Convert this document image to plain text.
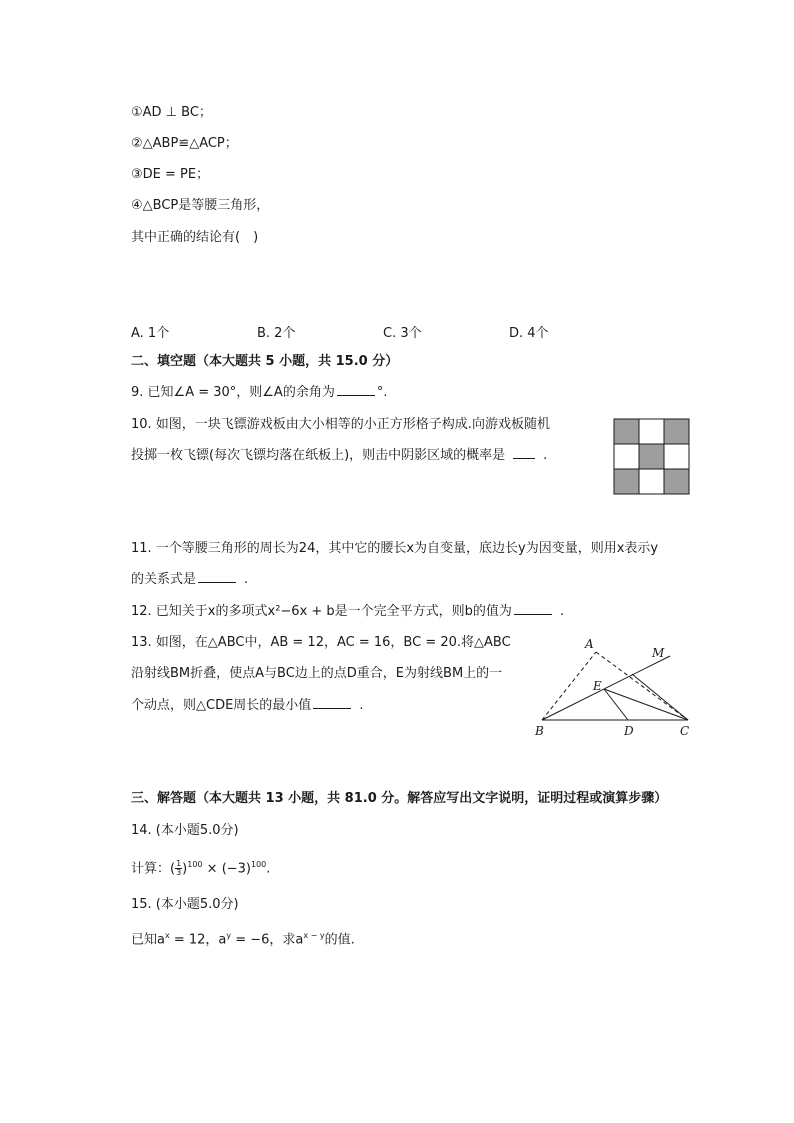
①AD ⊥ BC；
②△ABP≌△ACP；
③DE = PE；
④△BCP是等腰三角形，
其中正确的结论有(　)
A. 1个	B. 2个	C. 3个	D. 4个
二、填空题（本大题共 5 小题，共 15.0 分）
9. 已知∠A = 30°，则∠A的余角为	°.
10. 如图，一块飞镖游戏板由大小相等的小正方形格子构成.向游戏板随机
投掷一枚飞镖(每次飞镖均落在纸板上)，则击中阴影区域的概率是	.
11. 一个等腰三角形的周长为24，其中它的腰长x为自变量，底边长y为因变量，则用x表示y
的关系式是	.
12. 已知关于x的多项式x²−6x + b是一个完全平方式，则b的值为	.
13. 如图，在△ABC中，AB = 12，AC = 16，BC = 20.将△ABC
沿射线BM折叠，使点A与BC边上的点D重合，E为射线BM上的一
个动点，则△CDE周长的最小值	.
A
M
E
B	D	C
三、解答题（本大题共 13 小题，共 81.0 分。解答应写出文字说明，证明过程或演算步骤）
14. (本小题5.0分)
计算：( $\frac{1}{3} )^{100} \times (-3)^{100}$.
15. (本小题5.0分)
已知$a^x = 12$，$a^y = -6$，求$a^{x - y}$的值.
